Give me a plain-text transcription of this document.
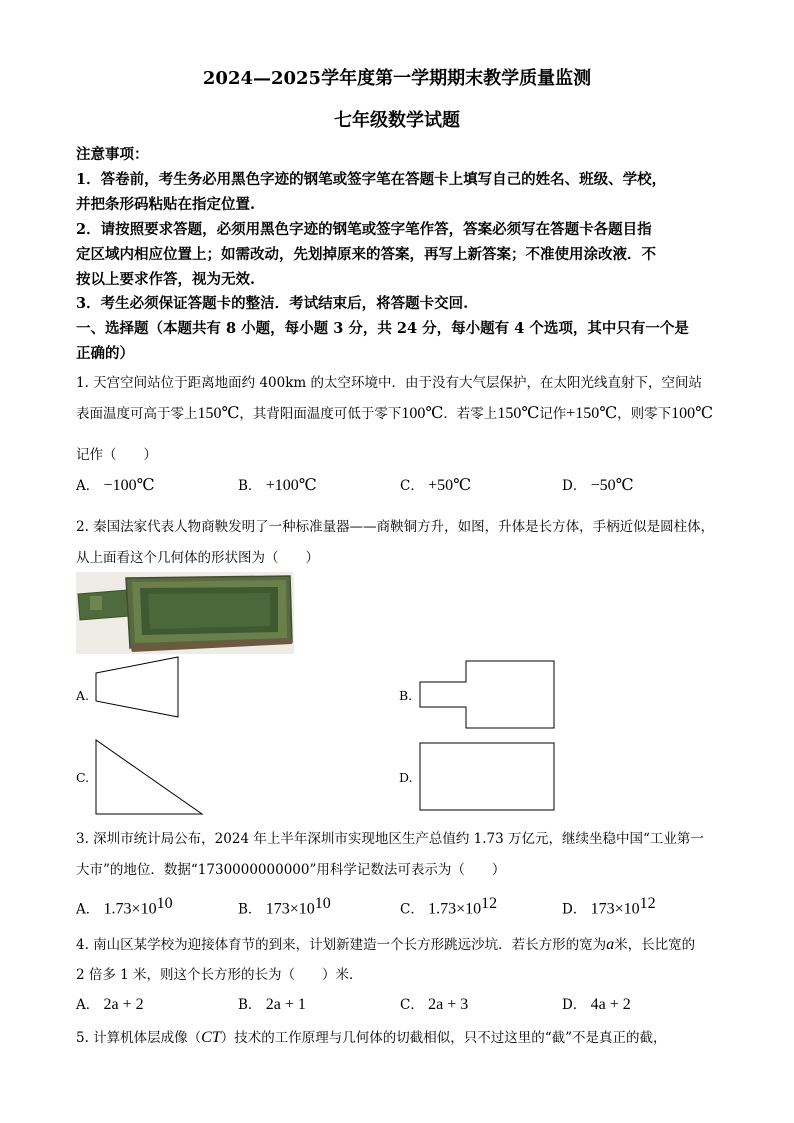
2024—2025学年度第一学期期末教学质量监测
七年级数学试题
注意事项：
1．答卷前，考生务必用黑色字迹的钢笔或签字笔在答题卡上填写自己的姓名、班级、学校，
并把条形码粘贴在指定位置.
2．请按照要求答题，必须用黑色字迹的钢笔或签字笔作答，答案必须写在答题卡各题目指
定区域内相应位置上；如需改动，先划掉原来的答案，再写上新答案；不准使用涂改液．不
按以上要求作答，视为无效.
3．考生必须保证答题卡的整洁．考试结束后，将答题卡交回.
一、选择题（本题共有 8 小题，每小题 3 分，共 24 分，每小题有 4 个选项，其中只有一个是
正确的）
1. 天宫空间站位于距离地面约 400km 的太空环境中．由于没有大气层保护，在太阳光线直射下，空间站
表面温度可高于零上150℃，其背阳面温度可低于零下100℃．若零上150℃记作+150℃，则零下100℃
记作（　　）
A． −100℃	B． +100℃	C． +50℃	D． −50℃
2. 秦国法家代表人物商鞅发明了一种标准量器——商鞅铜方升，如图，升体是长方体，手柄近似是圆柱体，
从上面看这个几何体的形状图为（　　）
A.	B.
C.	D.
3. 深圳市统计局公布，2024 年上半年深圳市实现地区生产总值约 1.73 万亿元，继续坐稳中国“工业第一
大市”的地位．数据“1730000000000”用科学记数法可表示为（　　）
A． $1.73\times 10^{10}$	B． $173\times 10^{10}$	C． $1.73\times 10^{12}$	D． $173\times 10^{12}$
4. 南山区某学校为迎接体育节的到来，计划新建造一个长方形跳远沙坑．若长方形的宽为a米，长比宽的
2 倍多 1 米，则这个长方形的长为（　　）米．
A． 2a + 2	B． 2a + 1	C． 2a + 3	D． 4a + 2
5. 计算机体层成像（CT）技术的工作原理与几何体的切截相似，只不过这里的“截”不是真正的截，
